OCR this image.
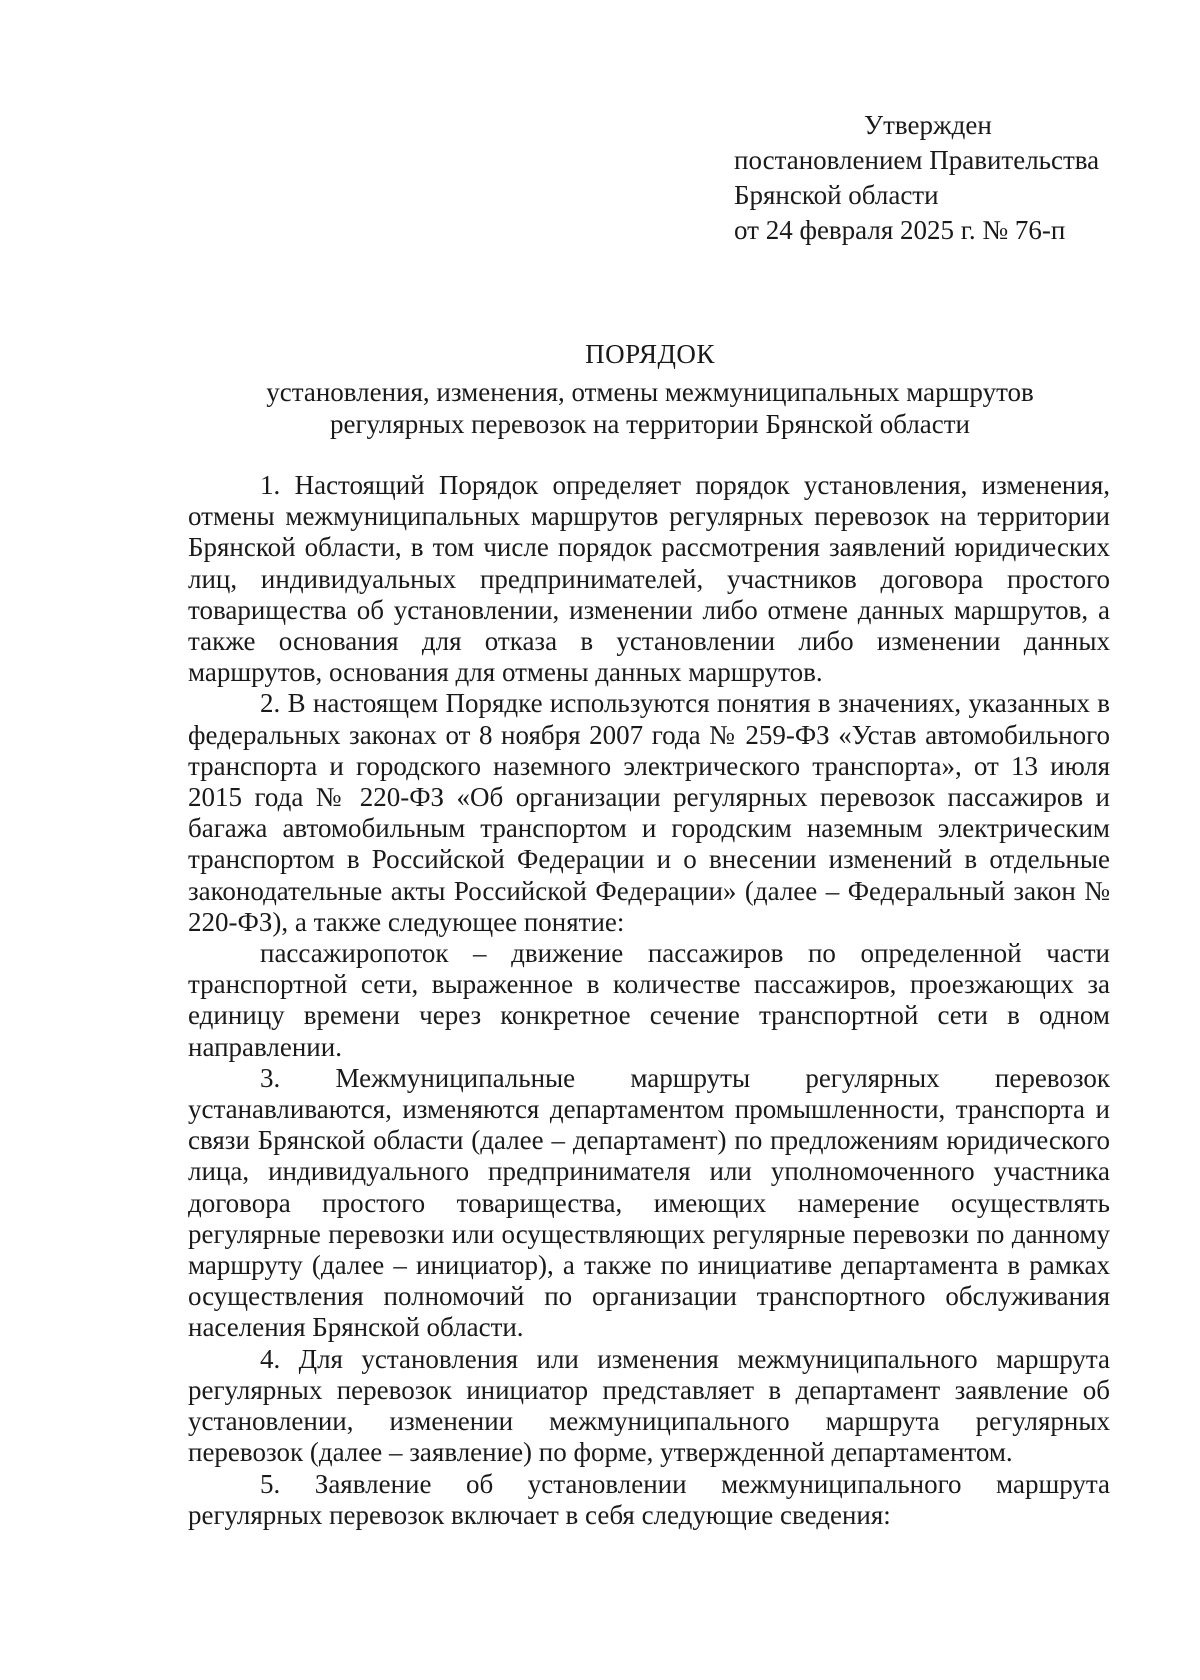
Утвержден
постановлением Правительства
Брянской области
от 24 февраля 2025 г. № 76-п
ПОРЯДОК
установления, изменения, отмены межмуниципальных маршрутов
регулярных перевозок на территории Брянской области

1. Настоящий Порядок определяет порядок установления, изменения, отмены межмуниципальных маршрутов регулярных перевозок на территории Брянской области, в том числе порядок рассмотрения заявлений юридических лиц, индивидуальных предпринимателей, участников договора простого товарищества об установлении, изменении либо отмене данных маршрутов, а также основания для отказа в установлении либо изменении данных маршрутов, основания для отмены данных маршрутов.

2. В настоящем Порядке используются понятия в значениях, указанных в федеральных законах от 8 ноября 2007 года № 259-ФЗ «Устав автомобильного транспорта и городского наземного электрического транспорта», от 13 июля 2015 года № 220-ФЗ «Об организации регулярных перевозок пассажиров и багажа автомобильным транспортом и городским наземным электрическим транспортом в Российской Федерации и о внесении изменений в отдельные законодательные акты Российской Федерации» (далее – Федеральный закон № 220-ФЗ), а также следующее понятие:

пассажиропоток – движение пассажиров по определенной части транспортной сети, выраженное в количестве пассажиров, проезжающих за единицу времени через конкретное сечение транспортной сети в одном направлении.

3. Межмуниципальные маршруты регулярных перевозок устанавливаются, изменяются департаментом промышленности, транспорта и связи Брянской области (далее – департамент) по предложениям юридического лица, индивидуального предпринимателя или уполномоченного участника договора простого товарищества, имеющих намерение осуществлять регулярные перевозки или осуществляющих регулярные перевозки по данному маршруту (далее – инициатор), а также по инициативе департамента в рамках осуществления полномочий по организации транспортного обслуживания населения Брянской области.

4. Для установления или изменения межмуниципального маршрута регулярных перевозок инициатор представляет в департамент заявление об установлении, изменении межмуниципального маршрута регулярных перевозок (далее – заявление) по форме, утвержденной департаментом.

5. Заявление об установлении межмуниципального маршрута регулярных перевозок включает в себя следующие сведения:
